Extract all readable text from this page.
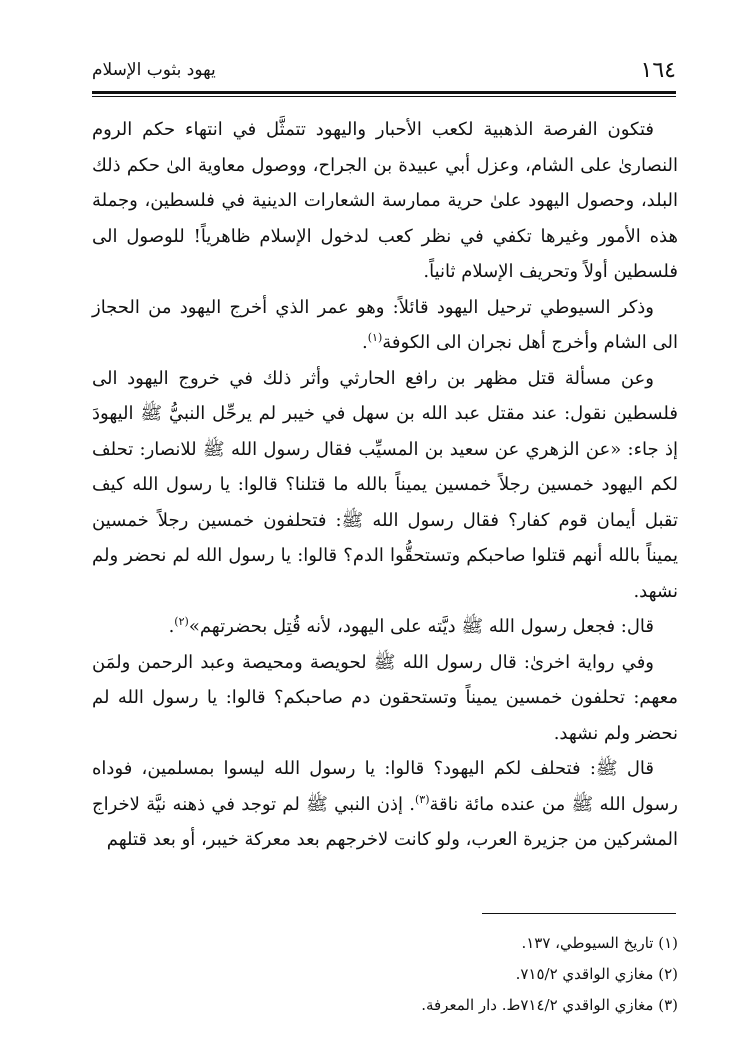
١٦٤
يهود بثوب الإسلام

فتكون الفرصة الذهبية لكعب الأحبار واليهود تتمثَّل في انتهاء حكم الروم النصارىٰ على الشام، وعزل أبي عبيدة بن الجراح، ووصول معاوية الىٰ حكم ذلك البلد، وحصول اليهود علىٰ حرية ممارسة الشعارات الدينية في فلسطين، وجملة هذه الأمور وغيرها تكفي في نظر كعب لدخول الإسلام ظاهرياً! للوصول الى فلسطين أولاً وتحريف الإسلام ثانياً.

وذكر السيوطي ترحيل اليهود قائلاً: وهو عمر الذي أخرج اليهود من الحجاز الى الشام وأخرج أهل نجران الى الكوفة$^{(١)}$.

وعن مسألة قتل مظهر بن رافع الحارثي وأثر ذلك في خروج اليهود الى فلسطين نقول: عند مقتل عبد الله بن سهل في خيبر لم يرحِّل النبيُّ ﷺ اليهودَ إذ جاء: «عن الزهري عن سعيد بن المسيِّب فقال رسول الله ﷺ للانصار: تحلف لكم اليهود خمسين رجلاً خمسين يميناً بالله ما قتلنا؟ قالوا: يا رسول الله كيف تقبل أيمان قوم كفار؟ فقال رسول الله ﷺ: فتحلفون خمسين رجلاً خمسين يميناً بالله أنهم قتلوا صاحبكم وتستحقُّوا الدم؟ قالوا: يا رسول الله لم نحضر ولم نشهد.

قال: فجعل رسول الله ﷺ ديَّته على اليهود، لأنه قُتِل بحضرتهم»$^{(٢)}$.

وفي رواية اخرىٰ: قال رسول الله ﷺ لحويصة ومحيصة وعبد الرحمن ولمَن معهم: تحلفون خمسين يميناً وتستحقون دم صاحبكم؟ قالوا: يا رسول الله لم نحضر ولم نشهد.

قال ﷺ: فتحلف لكم اليهود؟ قالوا: يا رسول الله ليسوا بمسلمين، فوداه رسول الله ﷺ من عنده مائة ناقة$^{(٣)}$. إذن النبي ﷺ لم توجد في ذهنه نيَّة لاخراج المشركين من جزيرة العرب، ولو كانت لاخرجهم بعد معركة خيبر، أو بعد قتلهم

(١) تاريخ السيوطي، ١٣٧.
(٢) مغازي الواقدي ٧١٥/٢.
(٣) مغازي الواقدي ٧١٤/٢ط. دار المعرفة.
